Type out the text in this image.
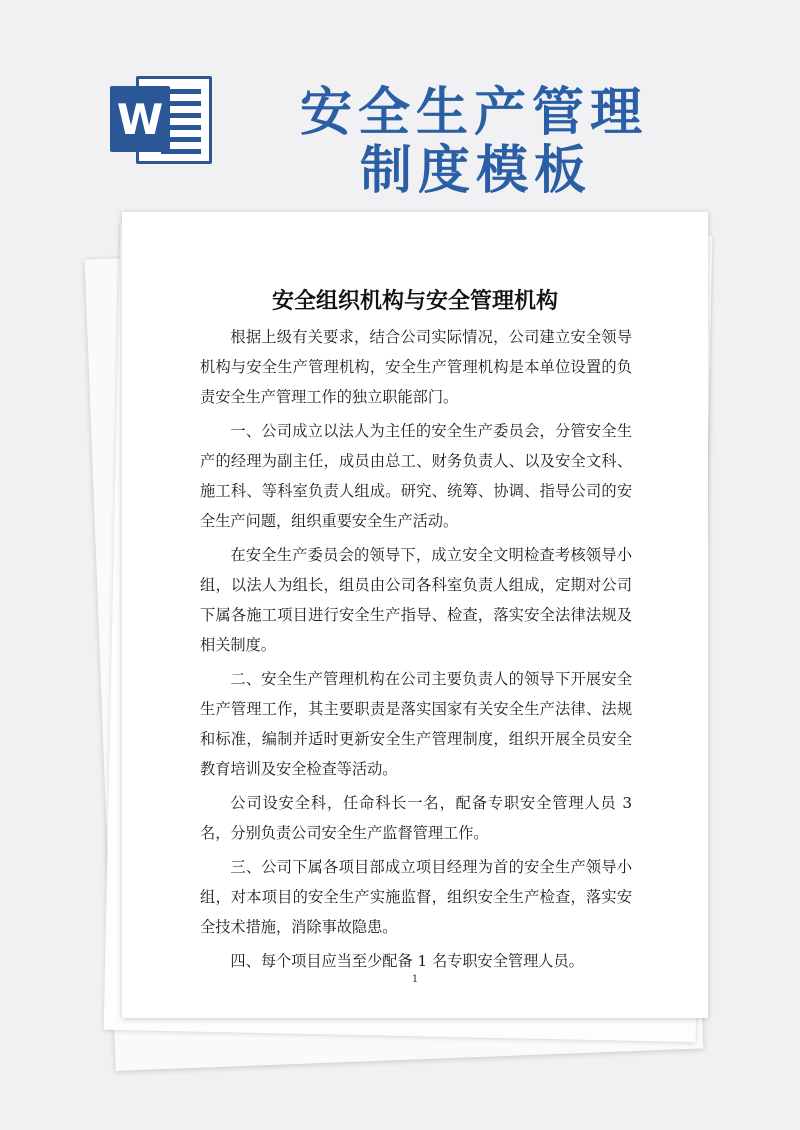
W	安全生产管理
制度模板
安全组织机构与安全管理机构

根据上级有关要求，结合公司实际情况，公司建立安全领导机构与安全生产管理机构，安全生产管理机构是本单位设置的负责安全生产管理工作的独立职能部门。

一、公司成立以法人为主任的安全生产委员会，分管安全生产的经理为副主任，成员由总工、财务负责人、以及安全文科、施工科、等科室负责人组成。研究、统筹、协调、指导公司的安全生产问题，组织重要安全生产活动。

在安全生产委员会的领导下，成立安全文明检查考核领导小组，以法人为组长，组员由公司各科室负责人组成，定期对公司下属各施工项目进行安全生产指导、检查，落实安全法律法规及相关制度。

二、安全生产管理机构在公司主要负责人的领导下开展安全生产管理工作，其主要职责是落实国家有关安全生产法律、法规和标准，编制并适时更新安全生产管理制度，组织开展全员安全教育培训及安全检查等活动。

公司设安全科，任命科长一名，配备专职安全管理人员 3 名，分别负责公司安全生产监督管理工作。

三、公司下属各项目部成立项目经理为首的安全生产领导小组，对本项目的安全生产实施监督，组织安全生产检查，落实安全技术措施，消除事故隐患。

四、每个项目应当至少配备 1 名专职安全管理人员。

1
